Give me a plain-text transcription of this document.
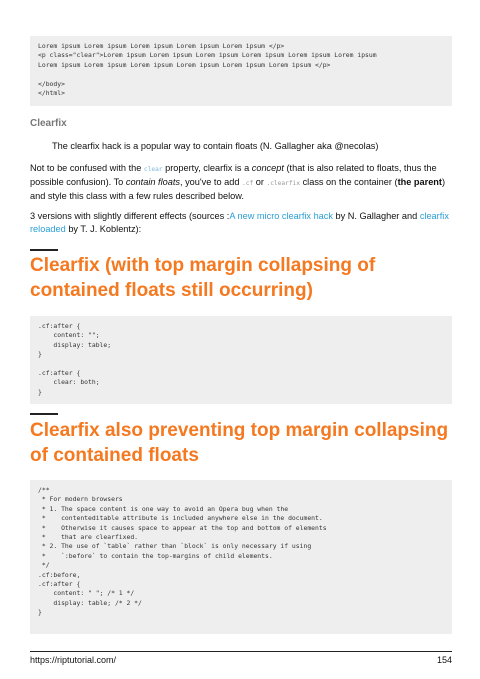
Lorem ipsum Lorem ipsum Lorem ipsum Lorem ipsum Lorem ipsum </p>
<p class="clear">Lorem ipsum Lorem ipsum Lorem ipsum Lorem ipsum Lorem ipsum Lorem ipsum
Lorem ipsum Lorem ipsum Lorem ipsum Lorem ipsum Lorem ipsum Lorem ipsum </p>

</body>
</html>
Clearfix
The clearfix hack is a popular way to contain floats (N. Gallagher aka @necolas)
Not to be confused with the clear property, clearfix is a concept (that is also related to floats, thus the possible confusion). To contain floats, you've to add .cf or .clearfix class on the container (the parent) and style this class with a few rules described below.
3 versions with slightly different effects (sources :A new micro clearfix hack by N. Gallagher and clearfix reloaded by T. J. Koblentz):
Clearfix (with top margin collapsing of contained floats still occurring)
.cf:after {
content: "";
display: table;
}

.cf:after {
clear: both;
}
Clearfix also preventing top margin collapsing of contained floats
/**
* For modern browsers
* 1. The space content is one way to avoid an Opera bug when the
*    contenteditable attribute is included anywhere else in the document.
*    Otherwise it causes space to appear at the top and bottom of elements
*    that are clearfixed.
* 2. The use of `table` rather than `block` is only necessary if using
*    `:before` to contain the top-margins of child elements.
*/
.cf:before,
.cf:after {
content: " "; /* 1 */
display: table; /* 2 */
}
https://riptutorial.com/	154
